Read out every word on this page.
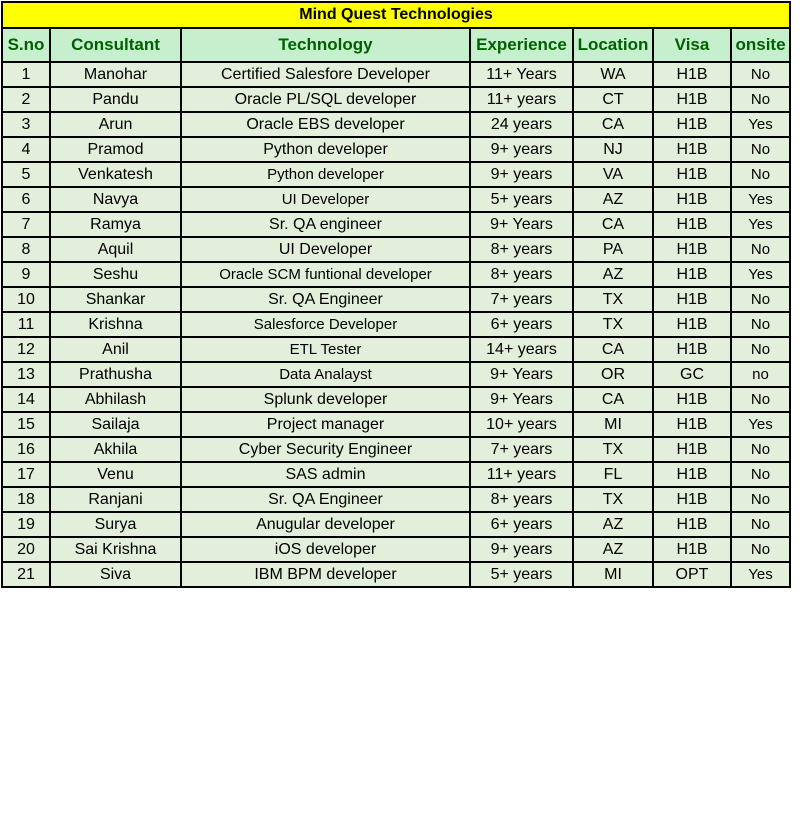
Mind Quest Technologies						
S.no	Consultant	Technology	Experience	Location	Visa	onsite
1	Manohar	Certified Salesfore Developer	11+ Years	WA	H1B	No
2	Pandu	Oracle PL/SQL developer	11+ years	CT	H1B	No
3	Arun	Oracle EBS developer	24 years	CA	H1B	Yes
4	Pramod	Python developer	9+ years	NJ	H1B	No
5	Venkatesh	Python developer	9+ years	VA	H1B	No
6	Navya	UI Developer	5+ years	AZ	H1B	Yes
7	Ramya	Sr. QA engineer	9+ Years	CA	H1B	Yes
8	Aquil	UI Developer	8+ years	PA	H1B	No
9	Seshu	Oracle SCM funtional developer	8+ years	AZ	H1B	Yes
10	Shankar	Sr. QA Engineer	7+ years	TX	H1B	No
11	Krishna	Salesforce Developer	6+ years	TX	H1B	No
12	Anil	ETL Tester	14+ years	CA	H1B	No
13	Prathusha	Data Analayst	9+ Years	OR	GC	no
14	Abhilash	Splunk developer	9+ Years	CA	H1B	No
15	Sailaja	Project manager	10+ years	MI	H1B	Yes
16	Akhila	Cyber Security Engineer	7+ years	TX	H1B	No
17	Venu	SAS admin	11+ years	FL	H1B	No
18	Ranjani	Sr. QA Engineer	8+ years	TX	H1B	No
19	Surya	Anugular developer	6+ years	AZ	H1B	No
20	Sai Krishna	iOS developer	9+ years	AZ	H1B	No
21	Siva	IBM BPM developer	5+ years	MI	OPT	Yes
